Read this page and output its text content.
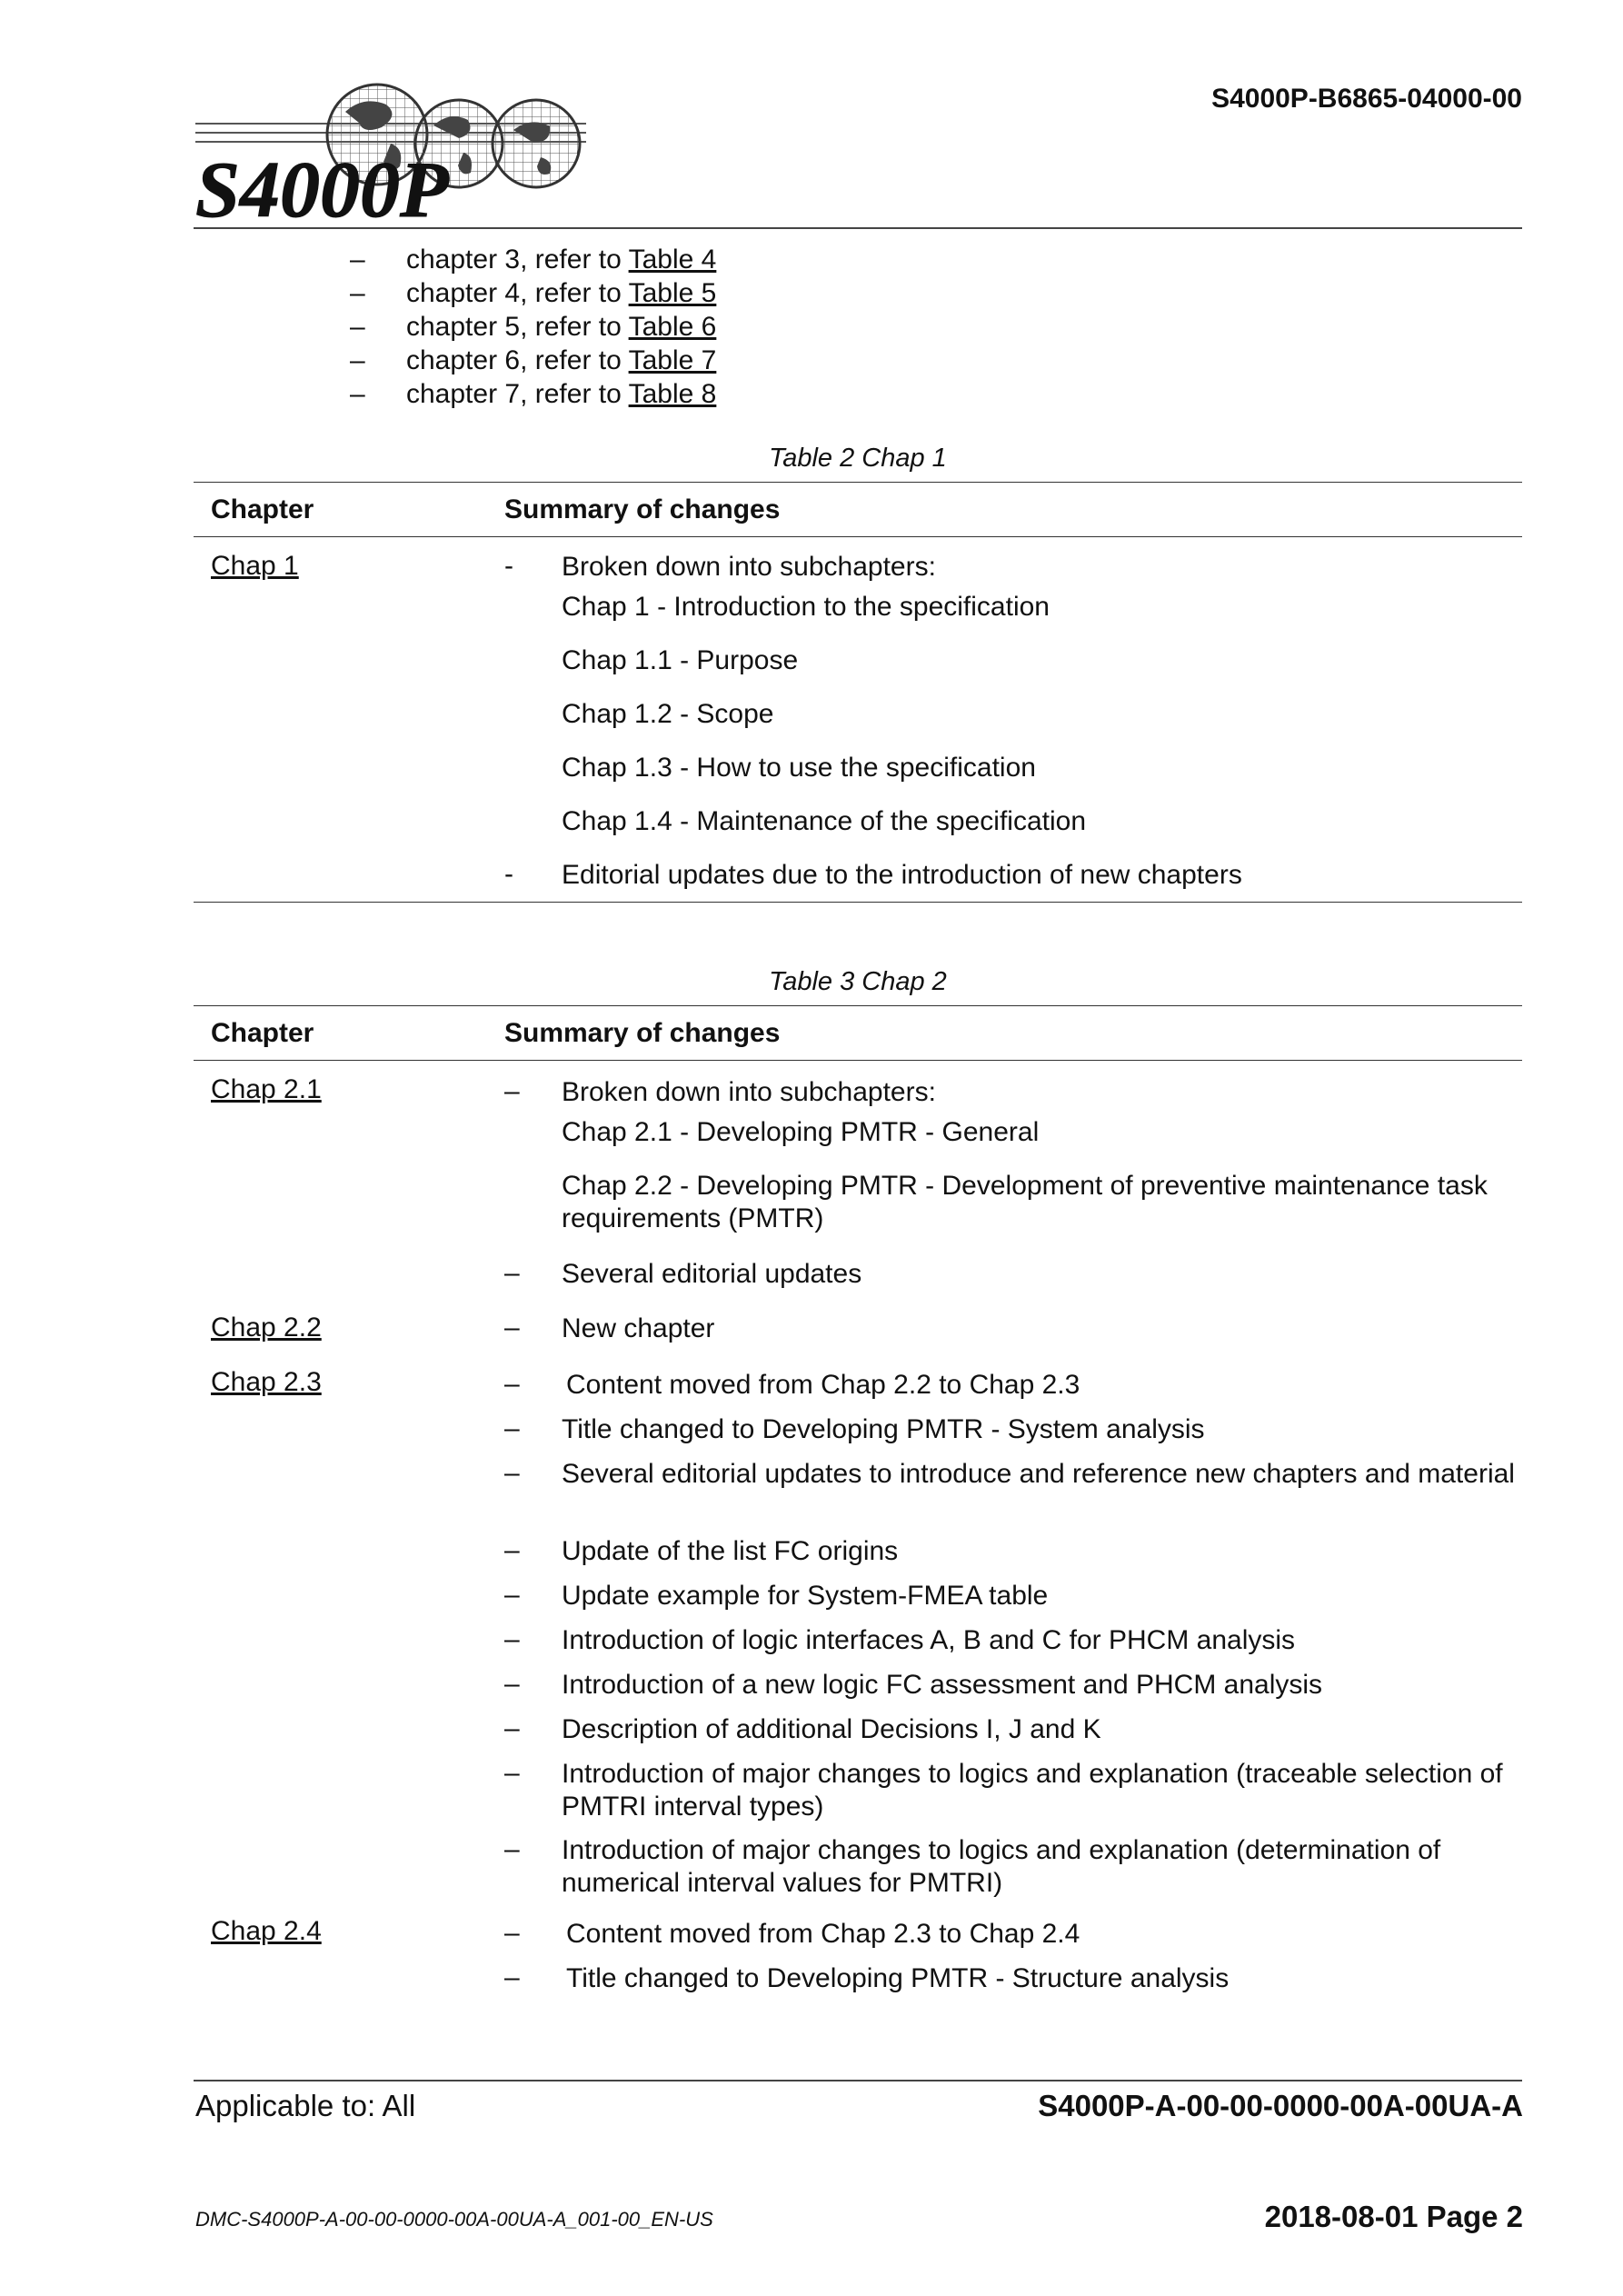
S4000P-B6865-04000-00
S4000P
– chapter 3, refer to Table 4
– chapter 4, refer to Table 5
– chapter 5, refer to Table 6
– chapter 6, refer to Table 7
– chapter 7, refer to Table 8
Table 2 Chap 1
Chapter	Summary of changes
Chap 1	- Broken down into subchapters:
Chap 1 - Introduction to the specification
Chap 1.1 - Purpose
Chap 1.2 - Scope
Chap 1.3 - How to use the specification
Chap 1.4 - Maintenance of the specification
- Editorial updates due to the introduction of new chapters
Table 3 Chap 2
Chapter	Summary of changes
Chap 2.1	– Broken down into subchapters:
Chap 2.1 - Developing PMTR - General
Chap 2.2 - Developing PMTR - Development of preventive maintenance task requirements (PMTR)
– Several editorial updates
Chap 2.2	– New chapter
Chap 2.3	– Content moved from Chap 2.2 to Chap 2.3
– Title changed to Developing PMTR - System analysis
– Several editorial updates to introduce and reference new chapters and material
– Update of the list FC origins
– Update example for System-FMEA table
– Introduction of logic interfaces A, B and C for PHCM analysis
– Introduction of a new logic FC assessment and PHCM analysis
– Description of additional Decisions I, J and K
– Introduction of major changes to logics and explanation (traceable selection of PMTRI interval types)
– Introduction of major changes to logics and explanation (determination of numerical interval values for PMTRI)
Chap 2.4	– Content moved from Chap 2.3 to Chap 2.4
– Title changed to Developing PMTR - Structure analysis
Applicable to: All	S4000P-A-00-00-0000-00A-00UA-A
DMC-S4000P-A-00-00-0000-00A-00UA-A_001-00_EN-US	2018-08-01 Page 2
